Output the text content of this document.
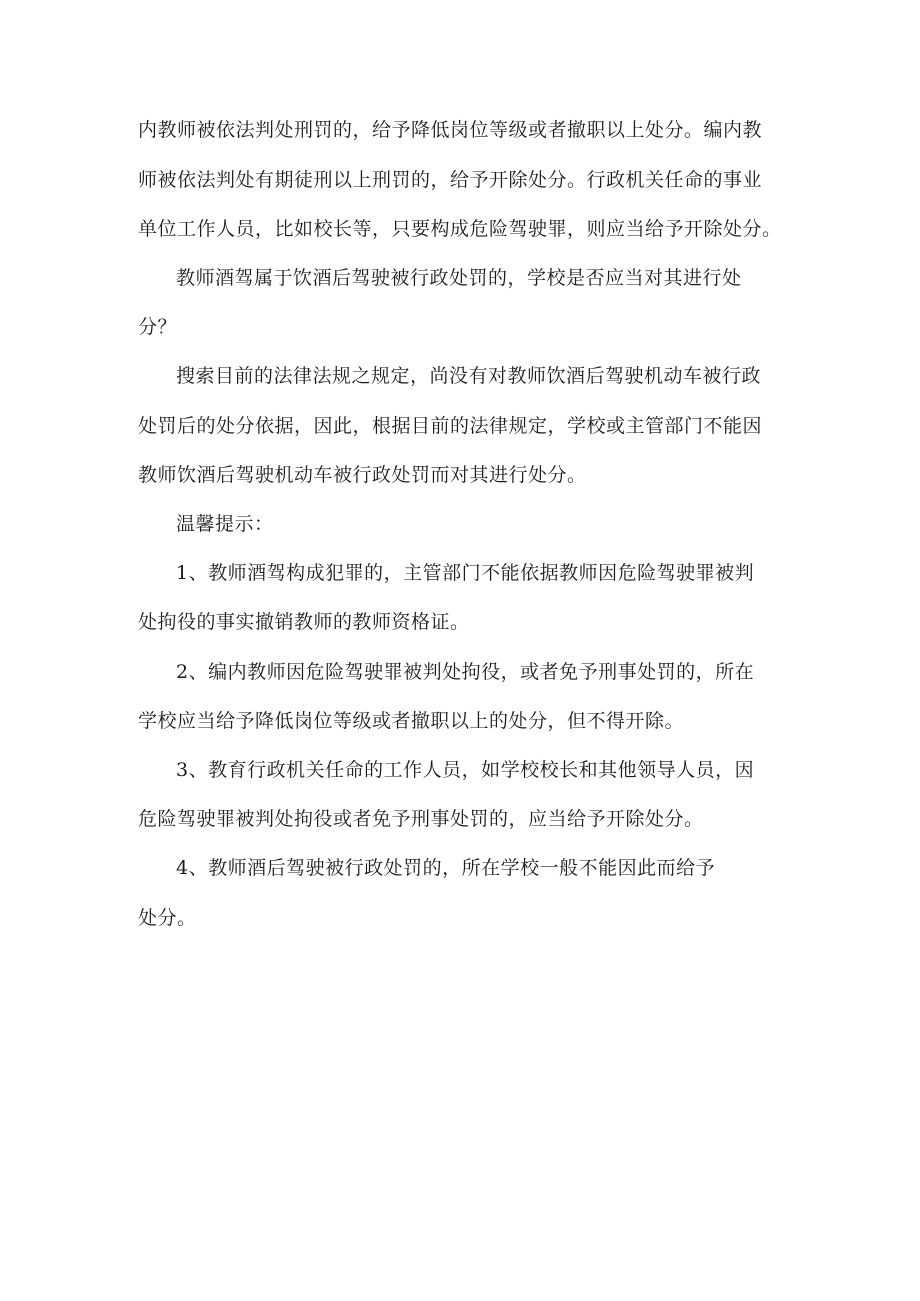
内教师被依法判处刑罚的，给予降低岗位等级或者撤职以上处分。编内教
师被依法判处有期徒刑以上刑罚的，给予开除处分。行政机关任命的事业
单位工作人员，比如校长等，只要构成危险驾驶罪，则应当给予开除处分。
教师酒驾属于饮酒后驾驶被行政处罚的，学校是否应当对其进行处
分？
搜索目前的法律法规之规定，尚没有对教师饮酒后驾驶机动车被行政
处罚后的处分依据，因此，根据目前的法律规定，学校或主管部门不能因
教师饮酒后驾驶机动车被行政处罚而对其进行处分。
温馨提示：
1、教师酒驾构成犯罪的，主管部门不能依据教师因危险驾驶罪被判
处拘役的事实撤销教师的教师资格证。
2、编内教师因危险驾驶罪被判处拘役，或者免予刑事处罚的，所在
学校应当给予降低岗位等级或者撤职以上的处分，但不得开除。
3、教育行政机关任命的工作人员，如学校校长和其他领导人员，因
危险驾驶罪被判处拘役或者免予刑事处罚的，应当给予开除处分。
4、教师酒后驾驶被行政处罚的，所在学校一般不能因此而给予
处分。
